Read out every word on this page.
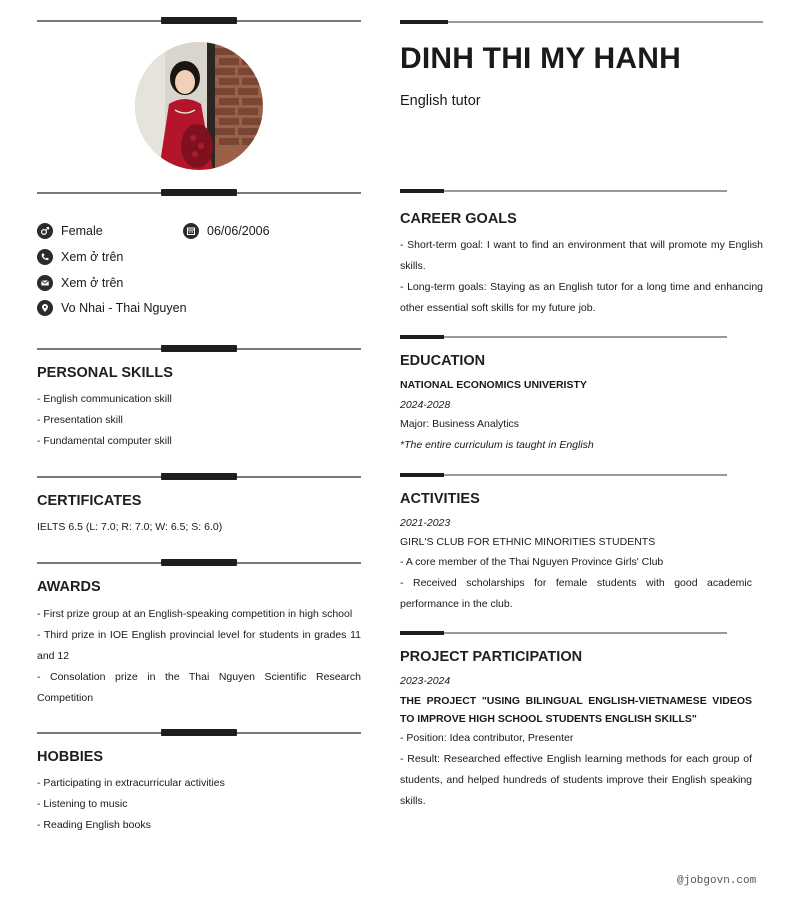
Female	06/06/2006
Xem ở trên
Xem ở trên
Vo Nhai - Thai Nguyen
PERSONAL SKILLS
- English communication skill
- Presentation skill
- Fundamental computer skill
CERTIFICATES
IELTS 6.5 (L: 7.0; R: 7.0; W: 6.5; S: 6.0)
AWARDS
- First prize group at an English-speaking competition in high school
- Third prize in IOE English provincial level for students in grades 11 and 12
- Consolation prize in the Thai Nguyen Scientific Research Competition
HOBBIES
- Participating in extracurricular activities
- Listening to music
- Reading English books
DINH THI MY HANH
English tutor
CAREER GOALS
- Short-term goal: I want to find an environment that will promote my English skills.
- Long-term goals: Staying as an English tutor for a long time and enhancing other essential soft skills for my future job.
EDUCATION
NATIONAL ECONOMICS UNIVERISTY
2024-2028
Major: Business Analytics
*The entire curriculum is taught in English
ACTIVITIES
2021-2023
GIRL'S CLUB FOR ETHNIC MINORITIES STUDENTS
- A core member of the Thai Nguyen Province Girls' Club
- Received scholarships for female students with good academic performance in the club.
PROJECT PARTICIPATION
2023-2024
THE PROJECT "USING BILINGUAL ENGLISH-VIETNAMESE VIDEOS TO IMPROVE HIGH SCHOOL STUDENTS ENGLISH SKILLS"
- Position: Idea contributor, Presenter
- Result: Researched effective English learning methods for each group of students, and helped hundreds of students improve their English speaking skills.
@jobgovn.com
